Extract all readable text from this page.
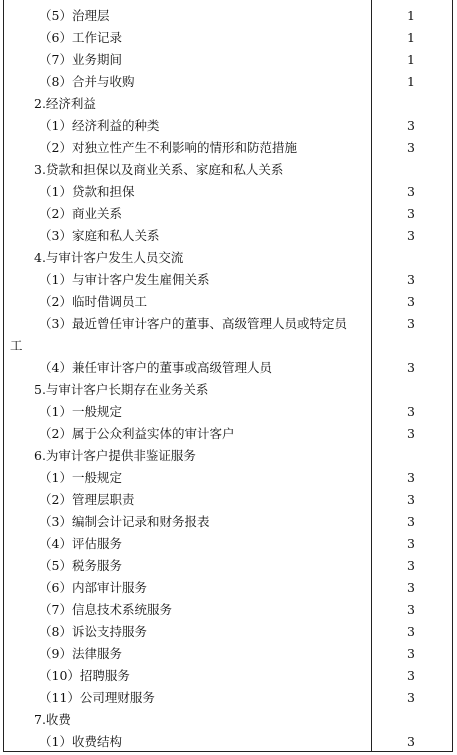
（5）治理层	1
（6）工作记录	1
（7）业务期间	1
（8）合并与收购	1
2.经济利益
（1）经济利益的种类	3
（2）对独立性产生不利影响的情形和防范措施	3
3.贷款和担保以及商业关系、家庭和私人关系
（1）贷款和担保	3
（2）商业关系	3
（3）家庭和私人关系	3
4.与审计客户发生人员交流
（1）与审计客户发生雇佣关系	3
（2）临时借调员工	3
（3）最近曾任审计客户的董事、高级管理人员或特定员	3
工
（4）兼任审计客户的董事或高级管理人员	3
5.与审计客户长期存在业务关系
（1）一般规定	3
（2）属于公众利益实体的审计客户	3
6.为审计客户提供非鉴证服务
（1）一般规定	3
（2）管理层职责	3
（3）编制会计记录和财务报表	3
（4）评估服务	3
（5）税务服务	3
（6）内部审计服务	3
（7）信息技术系统服务	3
（8）诉讼支持服务	3
（9）法律服务	3
（10）招聘服务	3
（11）公司理财服务	3
7.收费
（1）收费结构	3
